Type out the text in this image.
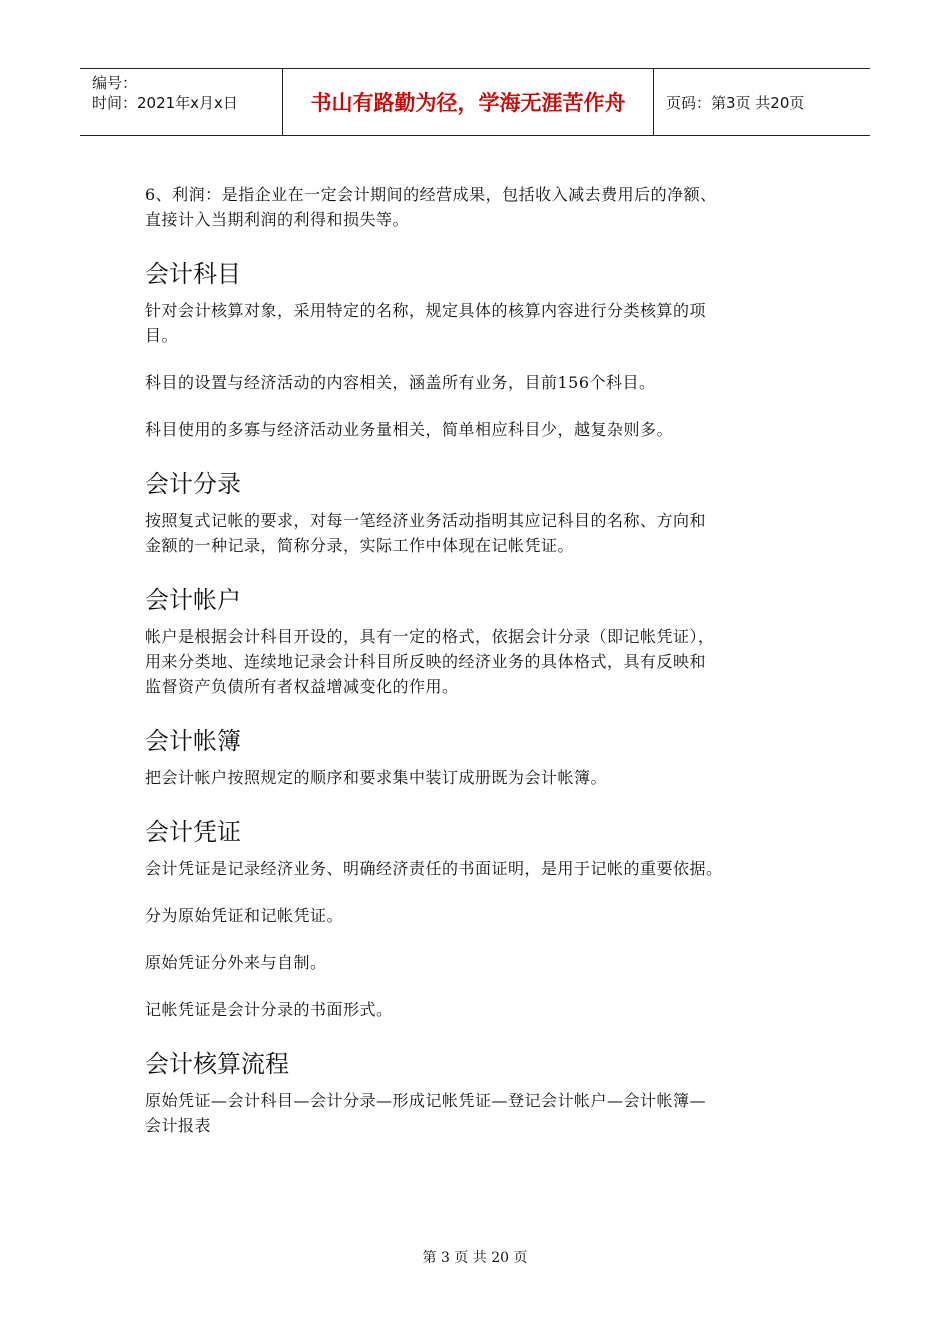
编号：
时间：2021年x月x日	书山有路勤为径，学海无涯苦作舟	页码：第3页 共20页

6、利润：是指企业在一定会计期间的经营成果，包括收入减去费用后的净额、

直接计入当期利润的利得和损失等。

会计科目

针对会计核算对象，采用特定的名称，规定具体的核算内容进行分类核算的项

目。

科目的设置与经济活动的内容相关，涵盖所有业务，目前156个科目。

科目使用的多寡与经济活动业务量相关，简单相应科目少，越复杂则多。

会计分录

按照复式记帐的要求，对每一笔经济业务活动指明其应记科目的名称、方向和

金额的一种记录，简称分录，实际工作中体现在记帐凭证。

会计帐户

帐户是根据会计科目开设的，具有一定的格式，依据会计分录（即记帐凭证），

用来分类地、连续地记录会计科目所反映的经济业务的具体格式，具有反映和

监督资产负债所有者权益增减变化的作用。

会计帐簿

把会计帐户按照规定的顺序和要求集中装订成册既为会计帐簿。

会计凭证

会计凭证是记录经济业务、明确经济责任的书面证明，是用于记帐的重要依据。

分为原始凭证和记帐凭证。

原始凭证分外来与自制。

记帐凭证是会计分录的书面形式。

会计核算流程

原始凭证—会计科目—会计分录—形成记帐凭证—登记会计帐户—会计帐簿—

会计报表

第 3 页 共 20 页
